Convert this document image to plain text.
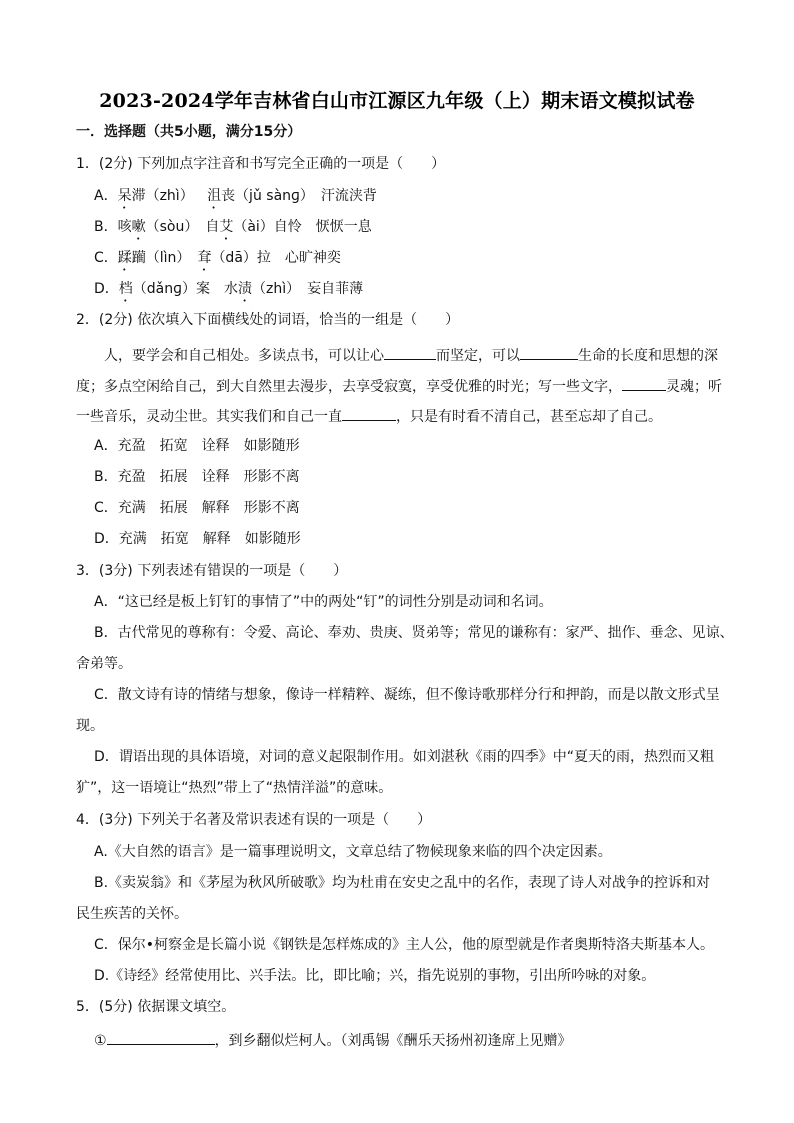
2023-2024学年吉林省白山市江源区九年级（上）期末语文模拟试卷
一．选择题（共5小题，满分15分）
1．(2分) 下列加点字注音和书写完全正确的一项是（　　）
A．呆滞（zhì） 沮丧（jǔ sànɡ）　汗流浃背
B．咳嗽（sòu）　自艾（ài）自怜　恹恹一息
C．蹂躏（lìn）　耷（dā）拉　心旷神奕
D．档（dǎnɡ）案　水渍（zhì）　妄自菲薄
2．(2分) 依次填入下面横线处的词语，恰当的一组是（　　）
人，要学会和自己相处。多读点书，可以让心	而坚定，可以	生命的长度和思想的深
度；多点空闲给自己，到大自然里去漫步，去享受寂寞，享受优雅的时光；写一些文字，	灵魂；听
一些音乐，灵动尘世。其实我们和自己一直	，只是有时看不清自己，甚至忘却了自己。
A．充盈　拓宽　诠释　如影随形
B．充盈　拓展　诠释　形影不离
C．充满　拓展　解释　形影不离
D．充满　拓宽　解释　如影随形
3．(3分) 下列表述有错误的一项是（　　）
A．“这已经是板上钉钉的事情了”中的两处“钉”的词性分别是动词和名词。
B．古代常见的尊称有：令爱、高论、奉劝、贵庚、贤弟等；常见的谦称有：家严、拙作、垂念、见谅、
舍弟等。
C．散文诗有诗的情绪与想象，像诗一样精粹、凝练，但不像诗歌那样分行和押韵，而是以散文形式呈
现。
D．谓语出现的具体语境，对词的意义起限制作用。如刘湛秋《雨的四季》中“夏天的雨，热烈而又粗
犷”，这一语境让“热烈”带上了“热情洋溢”的意味。
4．(3分) 下列关于名著及常识表述有误的一项是（　　）
A.《大自然的语言》是一篇事理说明文，文章总结了物候现象来临的四个决定因素。
B.《卖炭翁》和《茅屋为秋风所破歌》均为杜甫在安史之乱中的名作，表现了诗人对战争的控诉和对
民生疾苦的关怀。
C．保尔•柯察金是长篇小说《钢铁是怎样炼成的》主人公，他的原型就是作者奥斯特洛夫斯基本人。
D.《诗经》经常使用比、兴手法。比，即比喻；兴，指先说别的事物，引出所吟咏的对象。
5．(5分) 依据课文填空。
①	，到乡翻似烂柯人。（刘禹锡《酬乐天扬州初逢席上见赠》
